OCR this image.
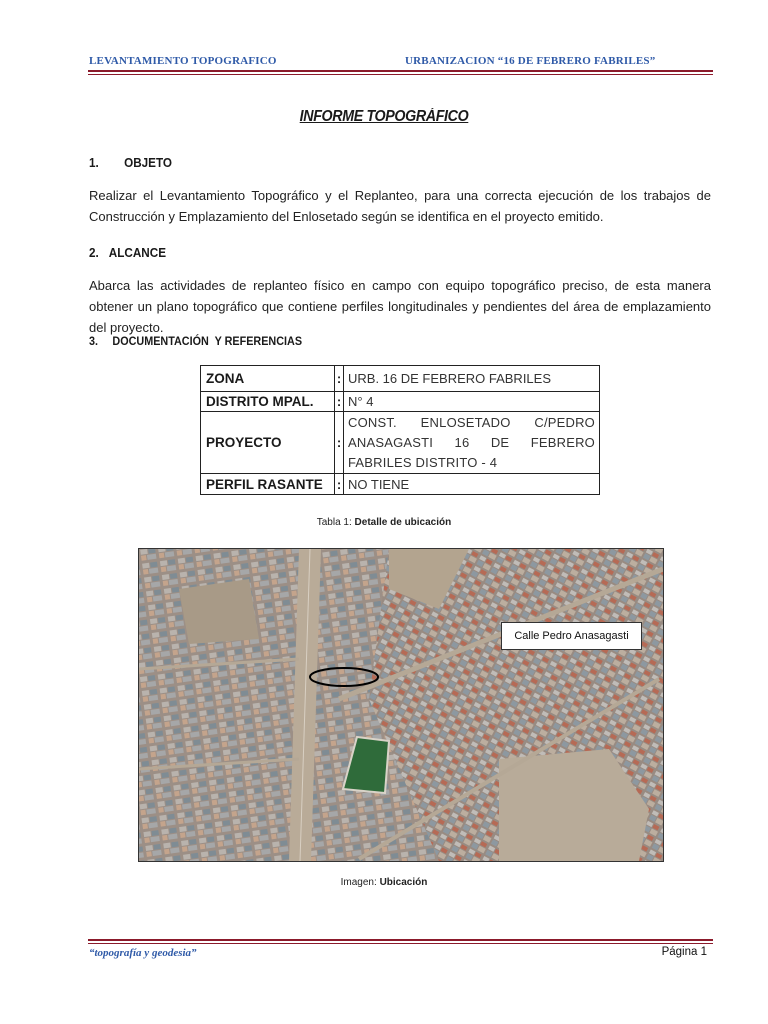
LEVANTAMIENTO TOPOGRAFICO	URBANIZACION “16 DE FEBRERO FABRILES”
INFORME TOPOGRÁFICO
1. OBJETO
Realizar el Levantamiento Topográfico y el Replanteo, para una correcta ejecución de los trabajos de Construcción y Emplazamiento del Enlosetado según se identifica en el proyecto emitido.
2. ALCANCE
Abarca las actividades de replanteo físico en campo con equipo topográfico preciso, de esta manera obtener un plano topográfico que contiene perfiles longitudinales y pendientes del área de emplazamiento del proyecto.
3. DOCUMENTACIÓN  Y REFERENCIAS
ZONA	:	URB. 16 DE FEBRERO FABRILES
DISTRITO MPAL.	:	N° 4
PROYECTO	:	CONST. ENLOSETADO C/PEDRO ANASAGASTI 16 DE FEBRERO FABRILES DISTRITO - 4
PERFIL RASANTE	:	NO TIENE
Tabla 1: Detalle de ubicación
Calle Pedro Anasagasti
Imagen: Ubicación
“topografía y geodesia”	Página 1
